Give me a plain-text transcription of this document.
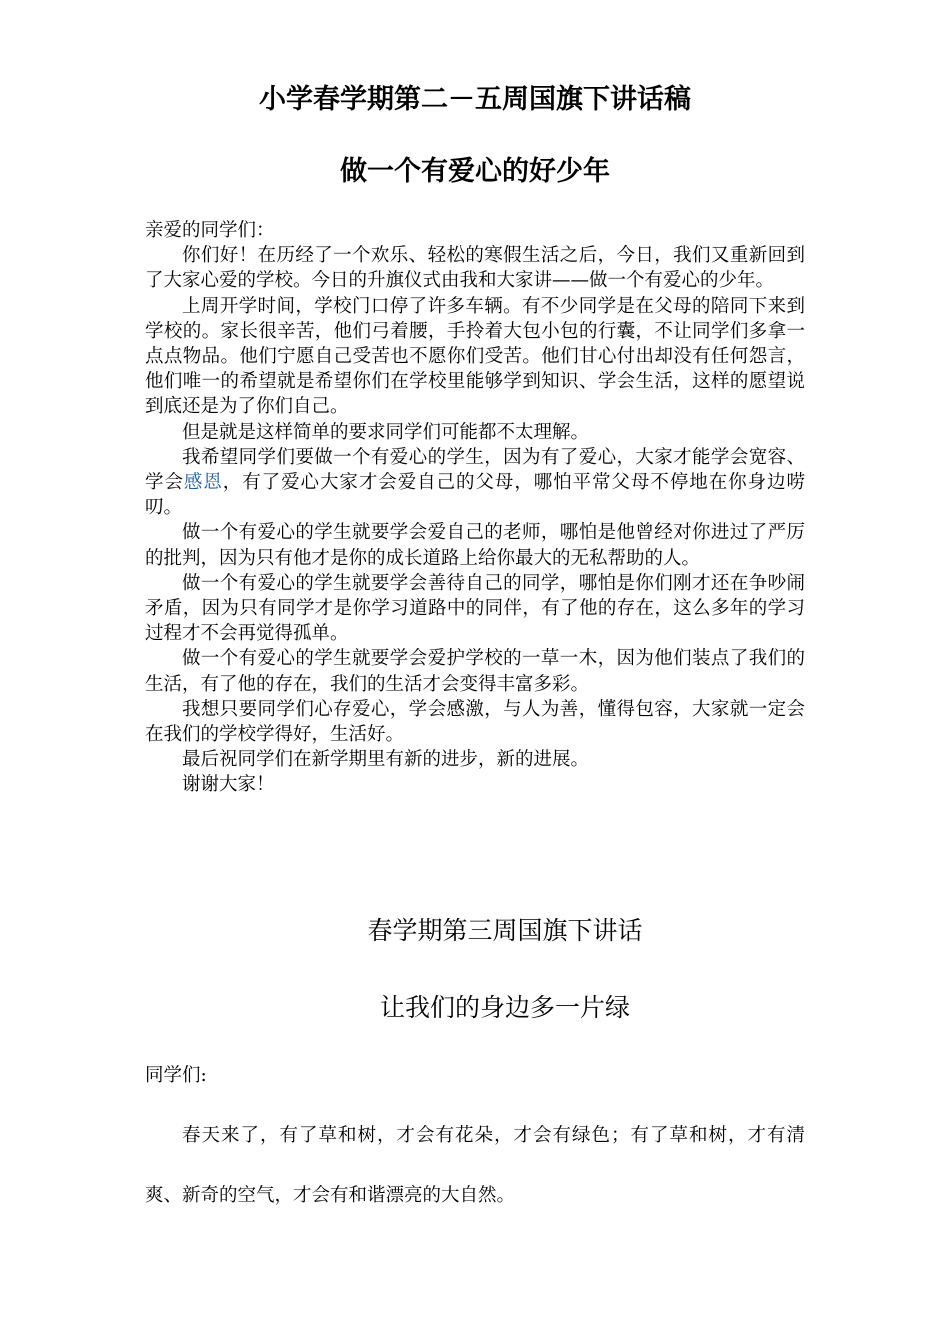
小学春学期第二－五周国旗下讲话稿
做一个有爱心的好少年

亲爱的同学们：

你们好！在历经了一个欢乐、轻松的寒假生活之后，今日，我们又重新回到了大家心爱的学校。今日的升旗仪式由我和大家讲——做一个有爱心的少年。

上周开学时间，学校门口停了许多车辆。有不少同学是在父母的陪同下来到学校的。家长很辛苦，他们弓着腰，手拎着大包小包的行囊，不让同学们多拿一点点物品。他们宁愿自己受苦也不愿你们受苦。他们甘心付出却没有任何怨言，他们唯一的希望就是希望你们在学校里能够学到知识、学会生活，这样的愿望说到底还是为了你们自己。

但是就是这样简单的要求同学们可能都不太理解。

我希望同学们要做一个有爱心的学生，因为有了爱心，大家才能学会宽容、学会感恩，有了爱心大家才会爱自己的父母，哪怕平常父母不停地在你身边唠叨。

做一个有爱心的学生就要学会爱自己的老师，哪怕是他曾经对你进过了严厉的批判，因为只有他才是你的成长道路上给你最大的无私帮助的人。

做一个有爱心的学生就要学会善待自己的同学，哪怕是你们刚才还在争吵闹矛盾，因为只有同学才是你学习道路中的同伴，有了他的存在，这么多年的学习过程才不会再觉得孤单。

做一个有爱心的学生就要学会爱护学校的一草一木，因为他们装点了我们的生活，有了他的存在，我们的生活才会变得丰富多彩。

我想只要同学们心存爱心，学会感激，与人为善，懂得包容，大家就一定会在我们的学校学得好，生活好。

最后祝同学们在新学期里有新的进步，新的进展。

谢谢大家！

春学期第三周国旗下讲话
让我们的身边多一片绿

同学们:

春天来了，有了草和树，才会有花朵，才会有绿色；有了草和树，才有清爽、新奇的空气，才会有和谐漂亮的大自然。
